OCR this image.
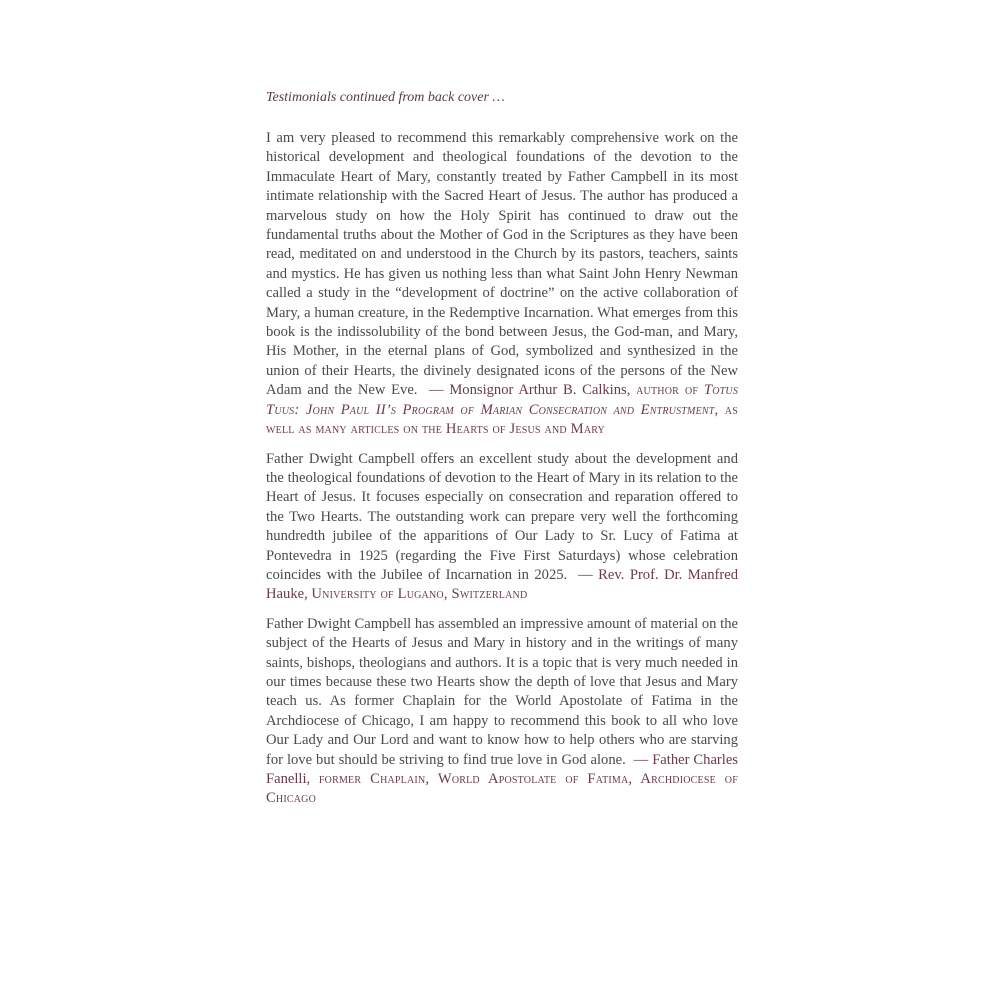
Testimonials continued from back cover …

I am very pleased to recommend this remarkably comprehensive work on the historical development and theological foundations of the devotion to the Immaculate Heart of Mary, constantly treated by Father Campbell in its most intimate relationship with the Sacred Heart of Jesus. The author has produced a marvelous study on how the Holy Spirit has continued to draw out the fundamental truths about the Mother of God in the Scriptures as they have been read, meditated on and understood in the Church by its pastors, teachers, saints and mystics. He has given us nothing less than what Saint John Henry Newman called a study in the “development of doctrine” on the active collaboration of Mary, a human creature, in the Redemptive Incarnation. What emerges from this book is the indissolubility of the bond between Jesus, the God-man, and Mary, His Mother, in the eternal plans of God, symbolized and synthesized in the union of their Hearts, the divinely designated icons of the persons of the New Adam and the New Eve. — Monsignor Arthur B. Calkins, author of Totus Tuus: John Paul II’s Program of Marian Consecration and Entrustment, as well as many articles on the Hearts of Jesus and Mary

Father Dwight Campbell offers an excellent study about the development and the theological foundations of devotion to the Heart of Mary in its relation to the Heart of Jesus. It focuses especially on consecration and reparation offered to the Two Hearts. The outstanding work can prepare very well the forthcoming hundredth jubilee of the apparitions of Our Lady to Sr. Lucy of Fatima at Pontevedra in 1925 (regarding the Five First Saturdays) whose celebration coincides with the Jubilee of Incarnation in 2025. — Rev. Prof. Dr. Manfred Hauke, University of Lugano, Switzerland

Father Dwight Campbell has assembled an impressive amount of material on the subject of the Hearts of Jesus and Mary in history and in the writings of many saints, bishops, theologians and authors. It is a topic that is very much needed in our times because these two Hearts show the depth of love that Jesus and Mary teach us. As former Chaplain for the World Apostolate of Fatima in the Archdiocese of Chicago, I am happy to recommend this book to all who love Our Lady and Our Lord and want to know how to help others who are starving for love but should be striving to find true love in God alone. — Father Charles Fanelli, former Chaplain, World Apostolate of Fatima, Archdiocese of Chicago
